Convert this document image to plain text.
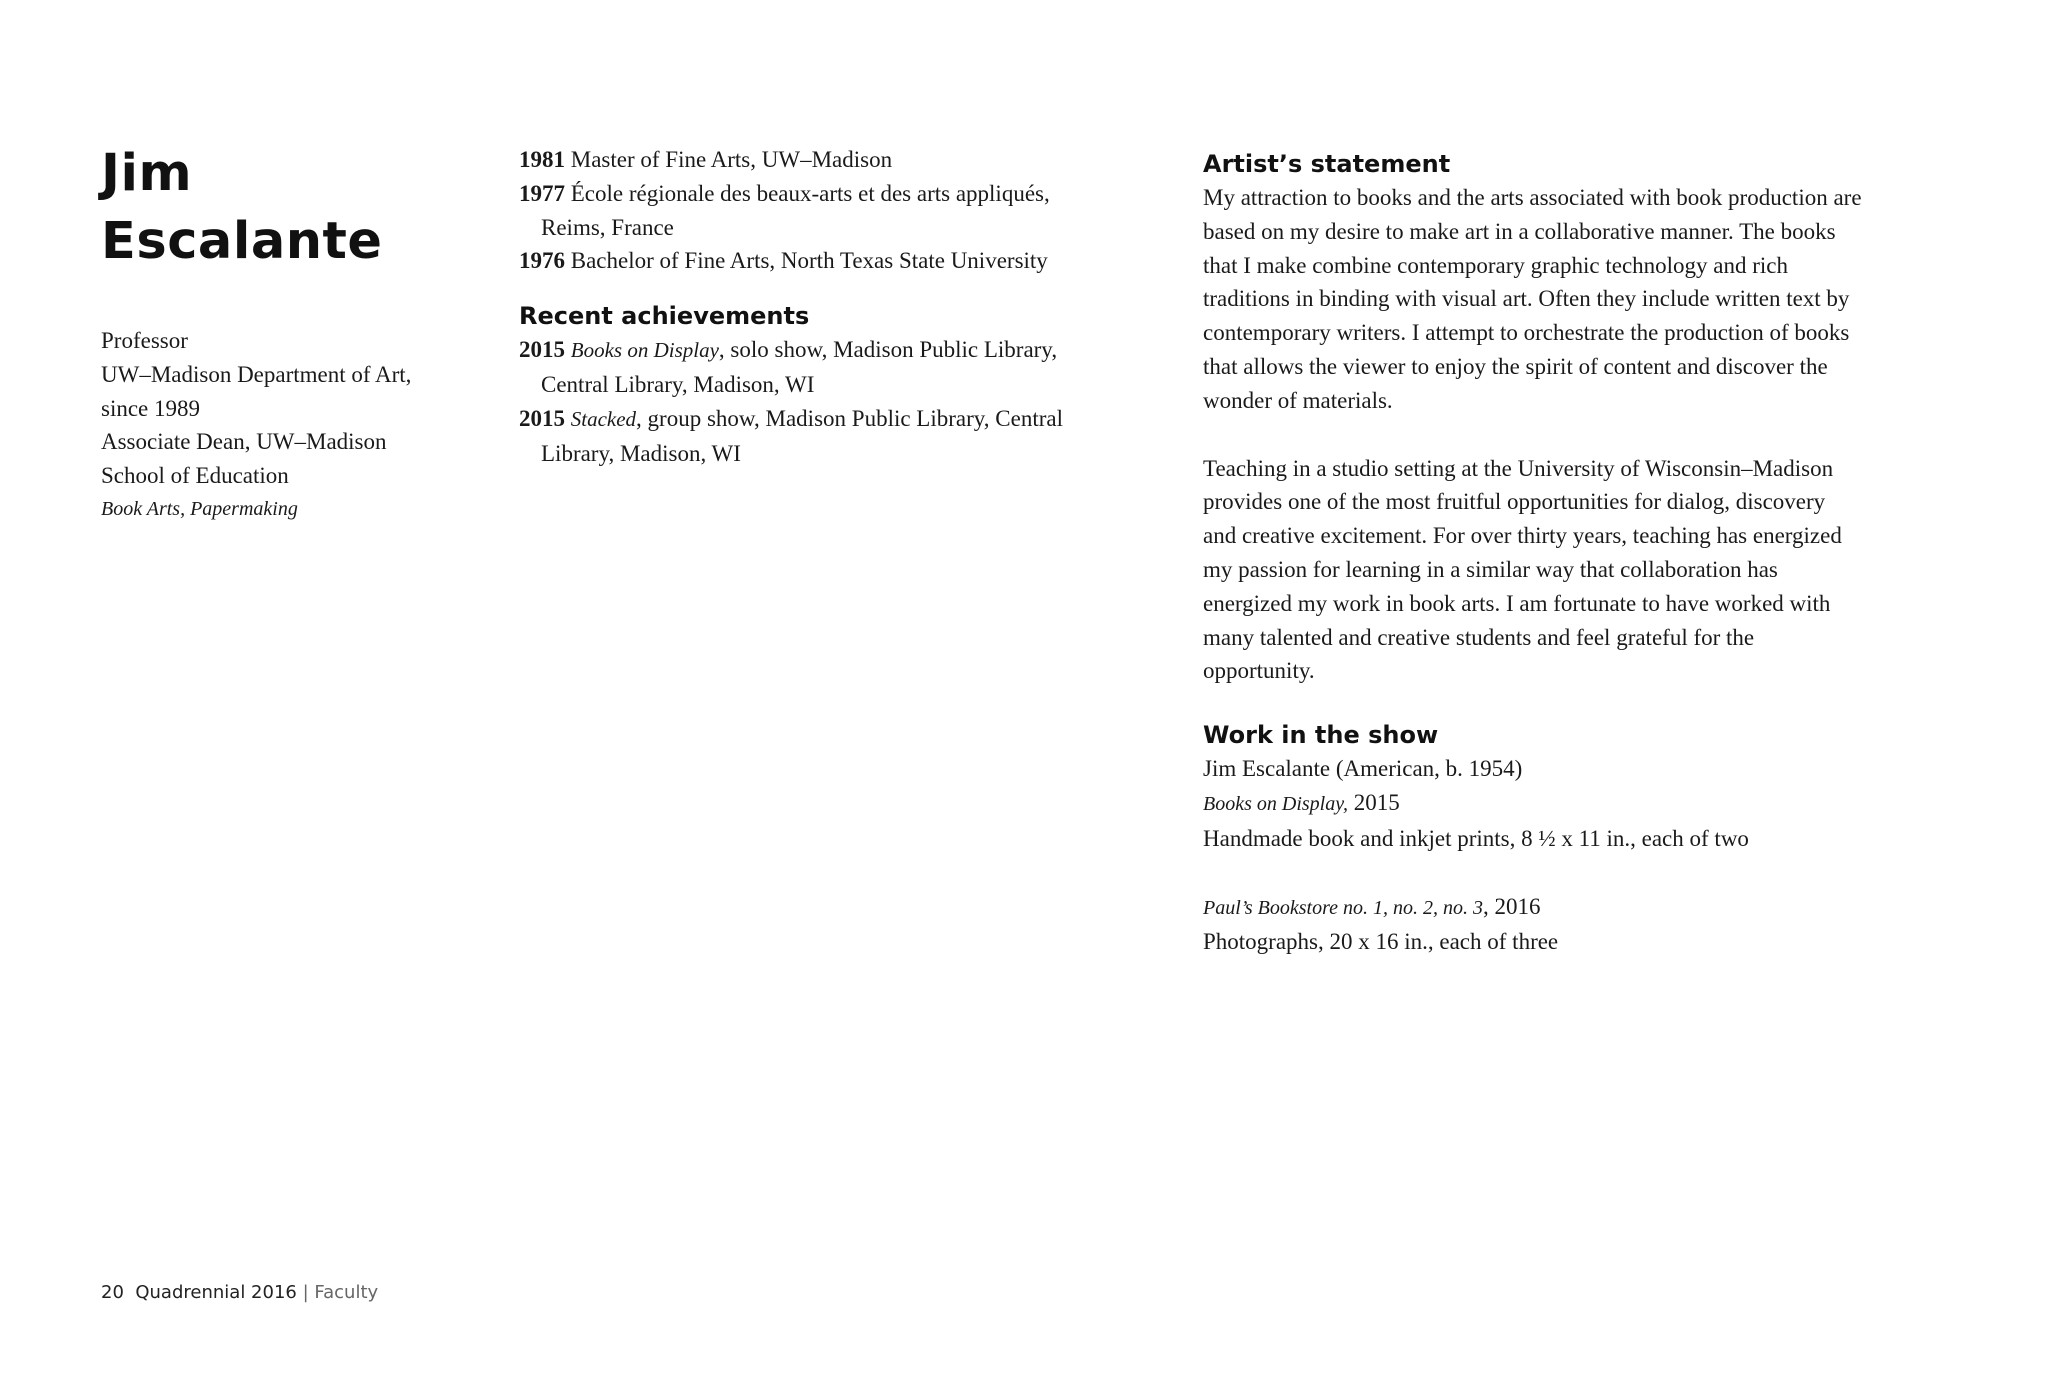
Jim
Escalante
Professor
UW–Madison Department of Art,
since 1989
Associate Dean, UW–Madison
School of Education
Book Arts, Papermaking
1981 Master of Fine Arts, UW–Madison
1977 École régionale des beaux-arts et des arts appliqués, Reims, France
1976 Bachelor of Fine Arts, North Texas State University
Recent achievements
2015 Books on Display, solo show, Madison Public Library, Central Library, Madison, WI
2015 Stacked, group show, Madison Public Library, Central Library, Madison, WI
Artist’s statement

My attraction to books and the arts associated with book production are based on my desire to make art in a collaborative manner. The books that I make combine contemporary graphic technology and rich traditions in binding with visual art. Often they include written text by contemporary writers. I attempt to orchestrate the production of books that allows the viewer to enjoy the spirit of content and discover the wonder of materials.

Teaching in a studio setting at the University of Wisconsin–Madison provides one of the most fruitful opportunities for dialog, discovery and creative excitement. For over thirty years, teaching has energized my passion for learning in a similar way that collaboration has energized my work in book arts. I am fortunate to have worked with many talented and creative students and feel grateful for the opportunity.

Work in the show
Jim Escalante (American, b. 1954)
Books on Display, 2015
Handmade book and inkjet prints, 8 ½ x 11 in., each of two
Paul’s Bookstore no. 1, no. 2, no. 3, 2016
Photographs, 20 x 16 in., each of three
20 Quadrennial 2016 | Faculty
